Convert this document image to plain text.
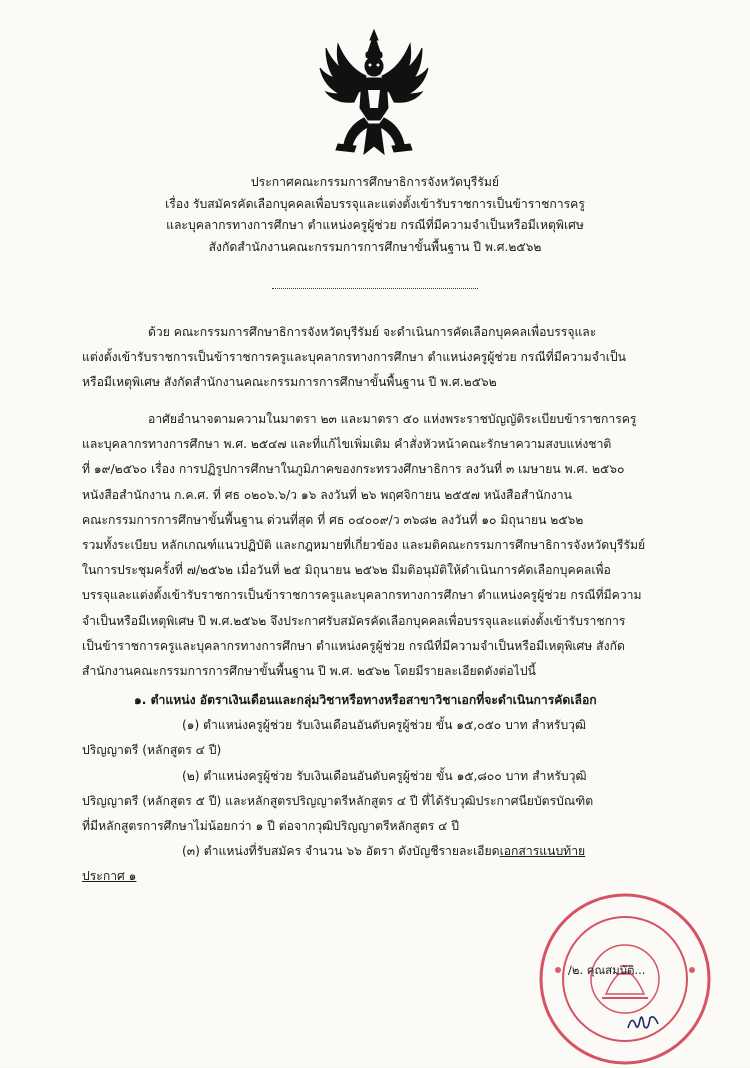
ประกาศคณะกรรมการศึกษาธิการจังหวัดบุรีรัมย์
เรื่อง รับสมัครคัดเลือกบุคคลเพื่อบรรจุและแต่งตั้งเข้ารับราชการเป็นข้าราชการครู
และบุคลากรทางการศึกษา ตำแหน่งครูผู้ช่วย กรณีที่มีความจำเป็นหรือมีเหตุพิเศษ
สังกัดสำนักงานคณะกรรมการการศึกษาขั้นพื้นฐาน ปี พ.ศ.๒๕๖๒
ด้วย คณะกรรมการศึกษาธิการจังหวัดบุรีรัมย์ จะดำเนินการคัดเลือกบุคคลเพื่อบรรจุและ
แต่งตั้งเข้ารับราชการเป็นข้าราชการครูและบุคลากรทางการศึกษา ตำแหน่งครูผู้ช่วย กรณีที่มีความจำเป็น
หรือมีเหตุพิเศษ สังกัดสำนักงานคณะกรรมการการศึกษาขั้นพื้นฐาน ปี พ.ศ.๒๕๖๒
อาศัยอำนาจตามความในมาตรา ๒๓ และมาตรา ๕๐ แห่งพระราชบัญญัติระเบียบข้าราชการครู
และบุคลากรทางการศึกษา พ.ศ. ๒๕๔๗ และที่แก้ไขเพิ่มเติม คำสั่งหัวหน้าคณะรักษาความสงบแห่งชาติ
ที่ ๑๙/๒๕๖๐ เรื่อง การปฏิรูปการศึกษาในภูมิภาคของกระทรวงศึกษาธิการ ลงวันที่ ๓ เมษายน พ.ศ. ๒๕๖๐
หนังสือสำนักงาน ก.ค.ศ. ที่ ศธ ๐๒๐๖.๖/ว ๑๖ ลงวันที่ ๒๖ พฤศจิกายน ๒๕๕๗ หนังสือสำนักงาน
คณะกรรมการการศึกษาขั้นพื้นฐาน ด่วนที่สุด ที่ ศธ ๐๔๐๐๙/ว ๓๖๘๒ ลงวันที่ ๑๐ มิถุนายน ๒๕๖๒
รวมทั้งระเบียบ หลักเกณฑ์แนวปฏิบัติ และกฎหมายที่เกี่ยวข้อง และมติคณะกรรมการศึกษาธิการจังหวัดบุรีรัมย์
ในการประชุมครั้งที่ ๗/๒๕๖๒ เมื่อวันที่ ๒๕ มิถุนายน ๒๕๖๒ มีมติอนุมัติให้ดำเนินการคัดเลือกบุคคลเพื่อ
บรรจุและแต่งตั้งเข้ารับราชการเป็นข้าราชการครูและบุคลากรทางการศึกษา ตำแหน่งครูผู้ช่วย กรณีที่มีความ
จำเป็นหรือมีเหตุพิเศษ ปี พ.ศ.๒๕๖๒ จึงประกาศรับสมัครคัดเลือกบุคคลเพื่อบรรจุและแต่งตั้งเข้ารับราชการ
เป็นข้าราชการครูและบุคลากรทางการศึกษา ตำแหน่งครูผู้ช่วย กรณีที่มีความจำเป็นหรือมีเหตุพิเศษ สังกัด
สำนักงานคณะกรรมการการศึกษาขั้นพื้นฐาน ปี พ.ศ. ๒๕๖๒ โดยมีรายละเอียดดังต่อไปนี้
๑. ตำแหน่ง อัตราเงินเดือนและกลุ่มวิชาหรือทางหรือสาขาวิชาเอกที่จะดำเนินการคัดเลือก
(๑) ตำแหน่งครูผู้ช่วย รับเงินเดือนอันดับครูผู้ช่วย ขั้น ๑๕,๐๕๐ บาท สำหรับวุฒิ
ปริญญาตรี (หลักสูตร ๔ ปี)
(๒) ตำแหน่งครูผู้ช่วย รับเงินเดือนอันดับครูผู้ช่วย ขั้น ๑๕,๘๐๐ บาท สำหรับวุฒิ
ปริญญาตรี (หลักสูตร ๕ ปี) และหลักสูตรปริญญาตรีหลักสูตร ๔ ปี ที่ได้รับวุฒิประกาศนียบัตรบัณฑิต
ที่มีหลักสูตรการศึกษาไม่น้อยกว่า ๑ ปี ต่อจากวุฒิปริญญาตรีหลักสูตร ๔ ปี
(๓) ตำแหน่งที่รับสมัคร จำนวน ๖๖ อัตรา ดังบัญชีรายละเอียดเอกสารแนบท้าย
ประกาศ ๑
/๒. คุณสมบัติ...
